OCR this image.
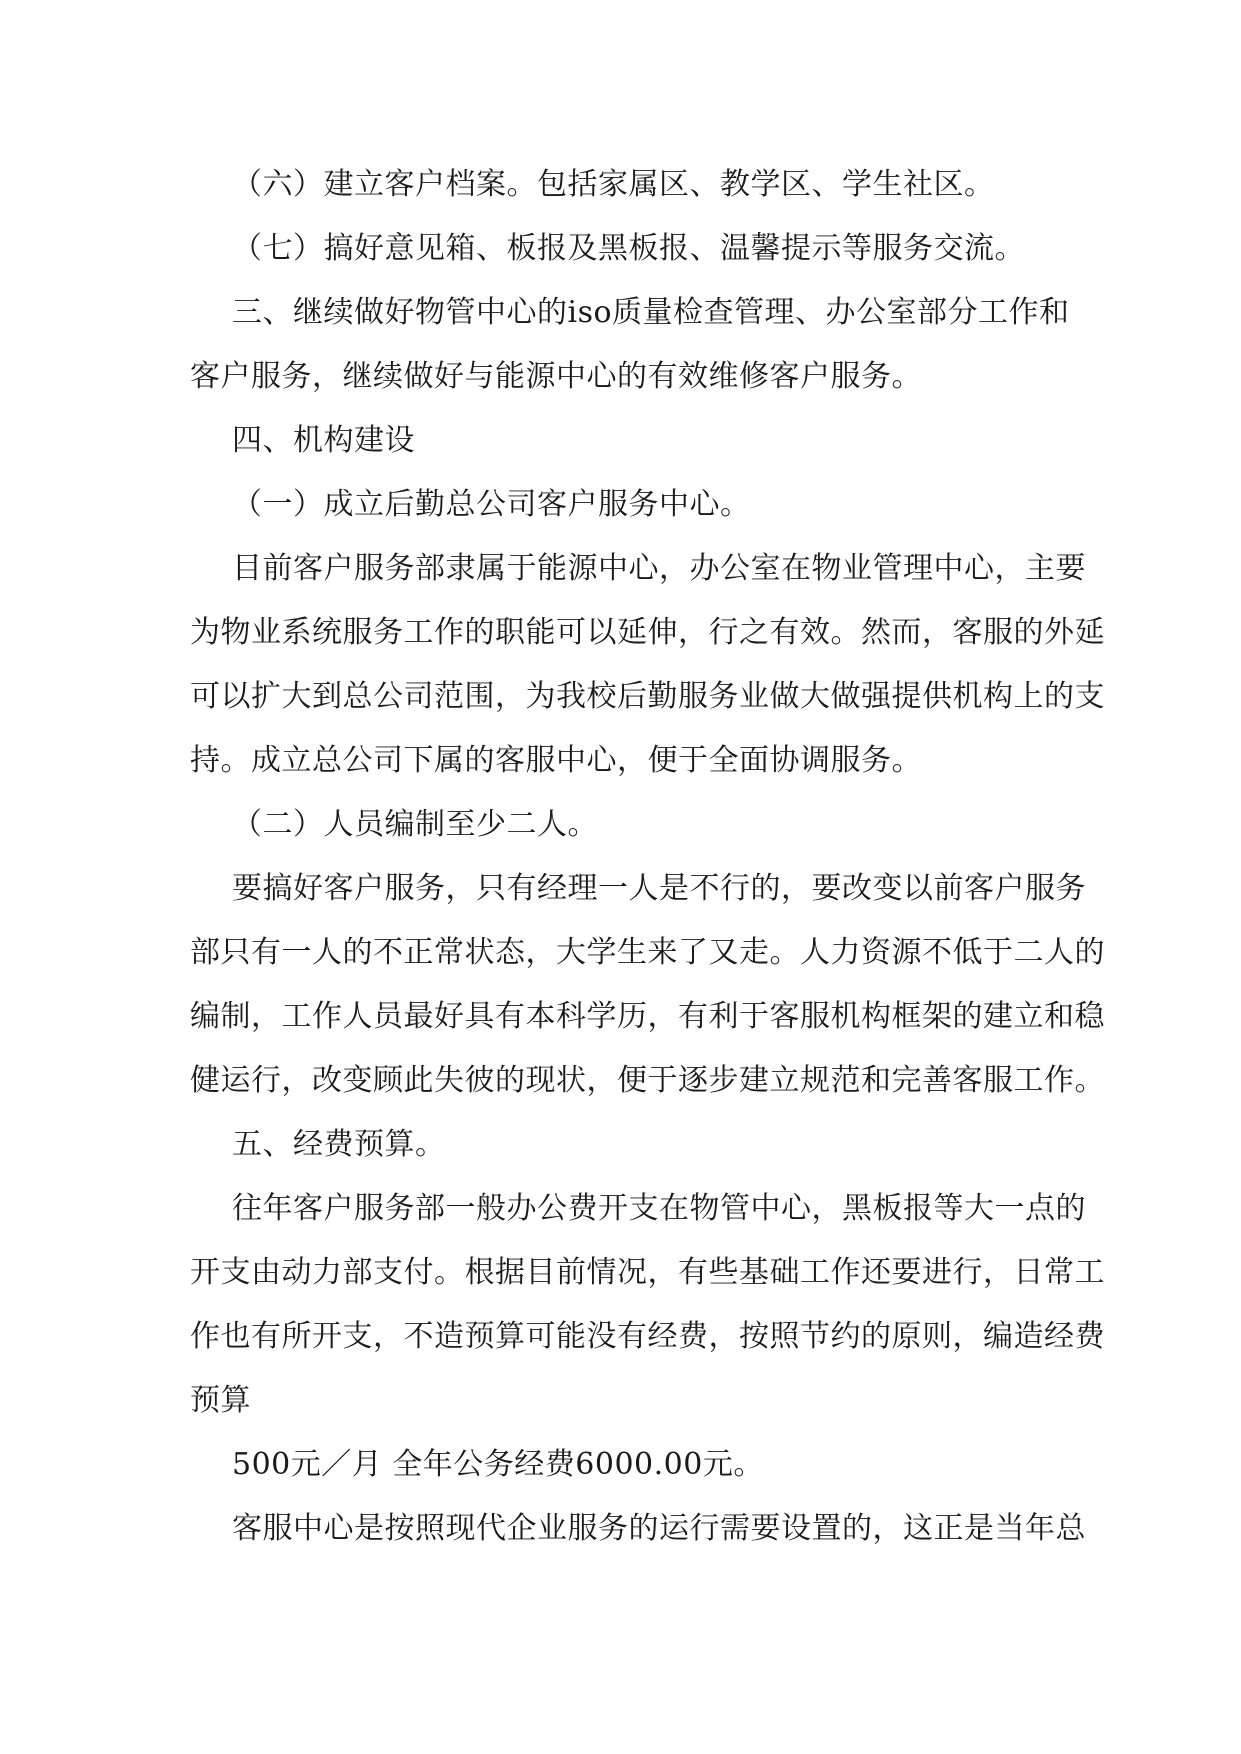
（六）建立客户档案。包括家属区、教学区、学生社区。
（七）搞好意见箱、板报及黑板报、温馨提示等服务交流。
三、继续做好物管中心的iso质量检查管理、办公室部分工作和
客户服务，继续做好与能源中心的有效维修客户服务。
四、机构建设
（一）成立后勤总公司客户服务中心。
目前客户服务部隶属于能源中心，办公室在物业管理中心，主要
为物业系统服务工作的职能可以延伸，行之有效。然而，客服的外延
可以扩大到总公司范围，为我校后勤服务业做大做强提供机构上的支
持。成立总公司下属的客服中心，便于全面协调服务。
（二）人员编制至少二人。
要搞好客户服务，只有经理一人是不行的，要改变以前客户服务
部只有一人的不正常状态，大学生来了又走。人力资源不低于二人的
编制，工作人员最好具有本科学历，有利于客服机构框架的建立和稳
健运行，改变顾此失彼的现状，便于逐步建立规范和完善客服工作。
五、经费预算。
往年客户服务部一般办公费开支在物管中心，黑板报等大一点的
开支由动力部支付。根据目前情况，有些基础工作还要进行，日常工
作也有所开支，不造预算可能没有经费，按照节约的原则，编造经费
预算
500元／月 全年公务经费6000.00元。
客服中心是按照现代企业服务的运行需要设置的，这正是当年总
